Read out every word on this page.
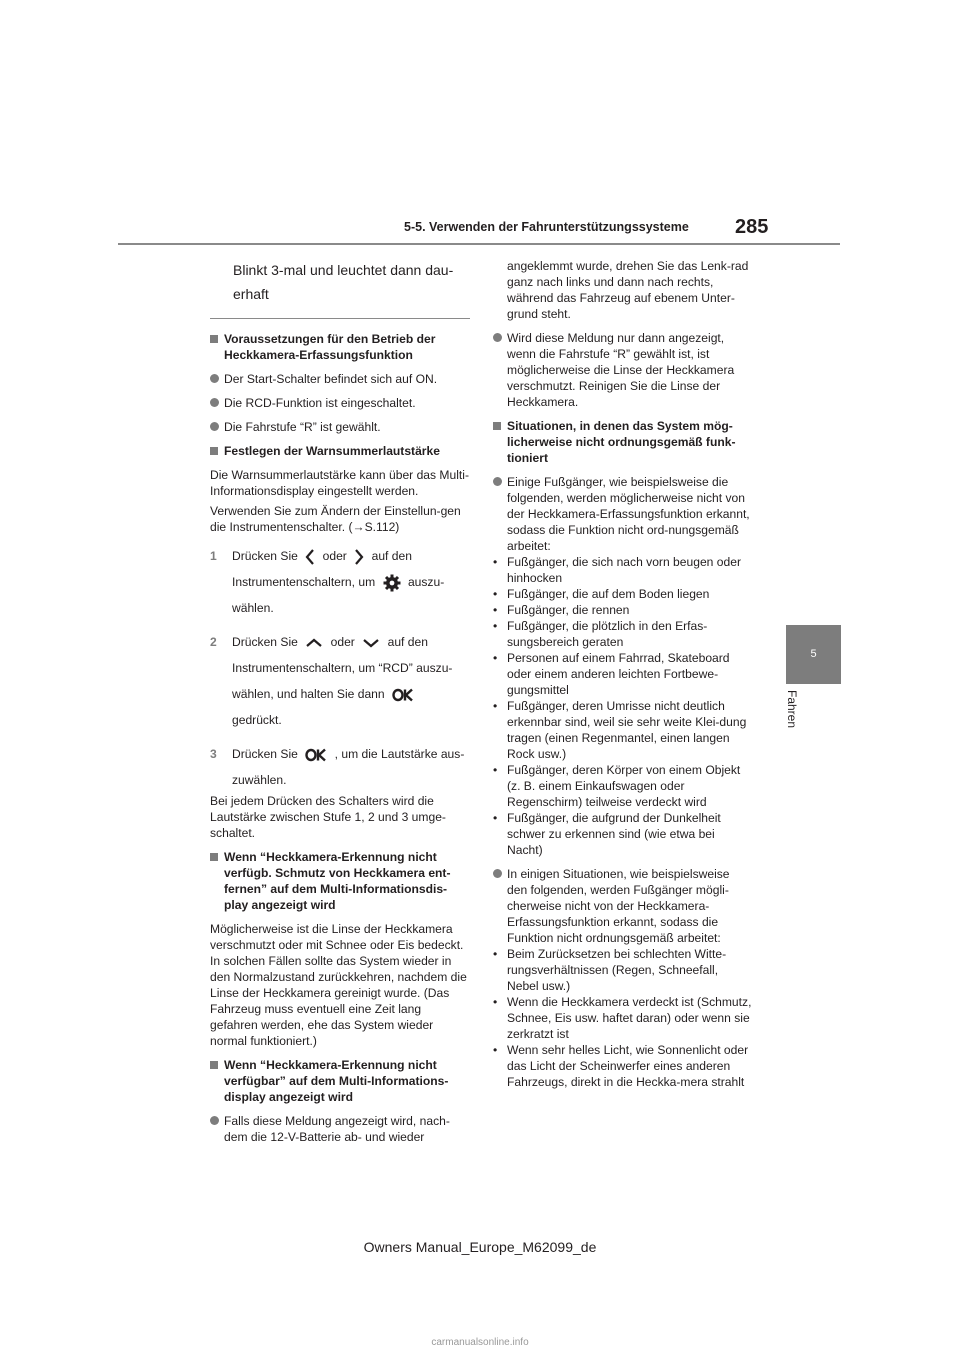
5-5. Verwenden der Fahrunterstützungssysteme 285
5
Fahren
Blinkt 3-mal und leuchtet dann dau-erhaft
Voraussetzungen für den Betrieb der Heckkamera-Erfassungsfunktion
Der Start-Schalter befindet sich auf ON.
Die RCD-Funktion ist eingeschaltet.
Die Fahrstufe “R” ist gewählt.
Festlegen der Warnsummerlautstärke
Die Warnsummerlautstärke kann über das Multi-Informationsdisplay eingestellt werden.
Verwenden Sie zum Ändern der Einstellun-gen die Instrumentenschalter. (→S.112)
1	Drücken Sie oder auf den Instrumentenschaltern, um	auszu-wählen.
2	Drücken Sie	oder	auf den Instrumentenschaltern, um “RCD” auszu-wählen, und halten Sie dann  gedrückt.
3	Drücken Sie	, um die Lautstärke aus-zuwählen.
Bei jedem Drücken des Schalters wird die Lautstärke zwischen Stufe 1, 2 und 3 umge-schaltet.
Wenn “Heckkamera-Erkennung nicht verfügb. Schmutz von Heckkamera ent-fernen” auf dem Multi-Informationsdis-play angezeigt wird
Möglicherweise ist die Linse der Heckkamera verschmutzt oder mit Schnee oder Eis bedeckt. In solchen Fällen sollte das System wieder in den Normalzustand zurückkehren, nachdem die Linse der Heckkamera gereinigt wurde. (Das Fahrzeug muss eventuell eine Zeit lang gefahren werden, ehe das System wieder normal funktioniert.)
Wenn “Heckkamera-Erkennung nicht verfügbar” auf dem Multi-Informations-display angezeigt wird
Falls diese Meldung angezeigt wird, nach-dem die 12-V-Batterie ab- und wieder
angeklemmt wurde, drehen Sie das Lenk-rad ganz nach links und dann nach rechts, während das Fahrzeug auf ebenem Unter-grund steht.
Wird diese Meldung nur dann angezeigt, wenn die Fahrstufe “R” gewählt ist, ist möglicherweise die Linse der Heckkamera verschmutzt. Reinigen Sie die Linse der Heckkamera.
Situationen, in denen das System mög-licherweise nicht ordnungsgemäß funk-tioniert
Einige Fußgänger, wie beispielsweise die folgenden, werden möglicherweise nicht von der Heckkamera-Erfassungsfunktion erkannt, sodass die Funktion nicht ord-nungsgemäß arbeitet:
• Fußgänger, die sich nach vorn beugen oder hinhocken
• Fußgänger, die auf dem Boden liegen
• Fußgänger, die rennen
• Fußgänger, die plötzlich in den Erfas-sungsbereich geraten
• Personen auf einem Fahrrad, Skateboard oder einem anderen leichten Fortbewe-gungsmittel
• Fußgänger, deren Umrisse nicht deutlich erkennbar sind, weil sie sehr weite Klei-dung tragen (einen Regenmantel, einen langen Rock usw.)
• Fußgänger, deren Körper von einem Objekt (z. B. einem Einkaufswagen oder Regenschirm) teilweise verdeckt wird
• Fußgänger, die aufgrund der Dunkelheit schwer zu erkennen sind (wie etwa bei Nacht)
In einigen Situationen, wie beispielsweise den folgenden, werden Fußgänger mögli-cherweise nicht von der Heckkamera-Erfassungsfunktion erkannt, sodass die Funktion nicht ordnungsgemäß arbeitet:
• Beim Zurücksetzen bei schlechten Witte-rungsverhältnissen (Regen, Schneefall, Nebel usw.)
• Wenn die Heckkamera verdeckt ist (Schmutz, Schnee, Eis usw. haftet daran) oder wenn sie zerkratzt ist
• Wenn sehr helles Licht, wie Sonnenlicht oder das Licht der Scheinwerfer eines anderen Fahrzeugs, direkt in die Heckka-mera strahlt
Owners Manual_Europe_M62099_de
carmanualsonline.info
